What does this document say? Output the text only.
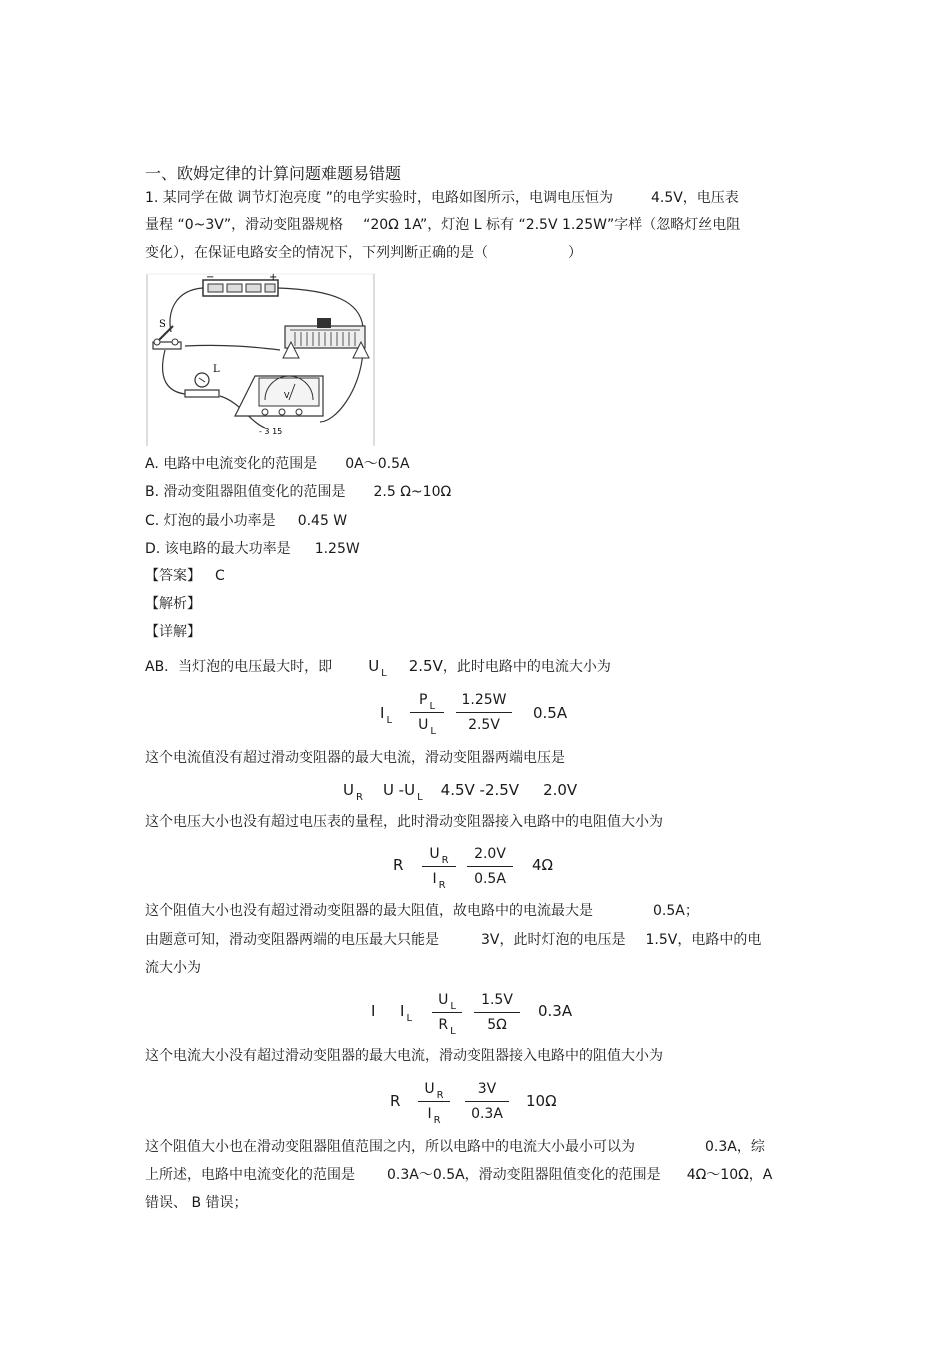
一、欧姆定律的计算问题难题易错题
1. 某同学在做 调节灯泡亮度 ”的电学实验时，电路如图所示，电调电压恒为	4.5V，电压表
量程 “0~3V”，滑动变阻器规格 “20Ω 1A”，灯泡 L 标有 “2.5V 1.25W”字样（忽略灯丝电阻
变化），在保证电路安全的情况下，下列判断正确的是（	）
−	+
S
L
V
- 3 15
A. 电路中电流变化的范围是 0A～0.5A
B. 滑动变阻器阻值变化的范围是 2.5 Ω~10Ω
C. 灯泡的最小功率是 0.45 W
D. 该电路的最大功率是 1.25W
【答案】 C
【解析】
【详解】
AB．当灯泡的电压最大时，即 U $_L$ 2.5V，此时电路中的电流大小为
I $_L$
P $_L$
U $_L$
1.25W
2.5V
0.5A
这个电流值没有超过滑动变阻器的最大电流，滑动变阻器两端电压是
U $_R$ U -U $_L$ 4.5V -2.5V 2.0V
这个电压大小也没有超过电压表的量程，此时滑动变阻器接入电路中的电阻值大小为
R
U $_R$
I $_R$
2.0V
0.5A
4Ω
这个阻值大小也没有超过滑动变阻器的最大阻值，故电路中的电流最大是	0.5A；
由题意可知，滑动变阻器两端的电压最大只能是	3V，此时灯泡的电压是 1.5V，电路中的电
流大小为
I I $_L$
U $_L$
R $_L$
1.5V
5Ω
0.3A
这个电流大小没有超过滑动变阻器的最大电流，滑动变阻器接入电路中的阻值大小为
R
U $_R$
I $_R$
3V
0.3A
10Ω
这个阻值大小也在滑动变阻器阻值范围之内，所以电路中的电流大小最小可以为	0.3A，综
上所述，电路中电流变化的范围是 0.3A～0.5A，滑动变阻器阻值变化的范围是 4Ω～10Ω，A
错误、 B 错误；
